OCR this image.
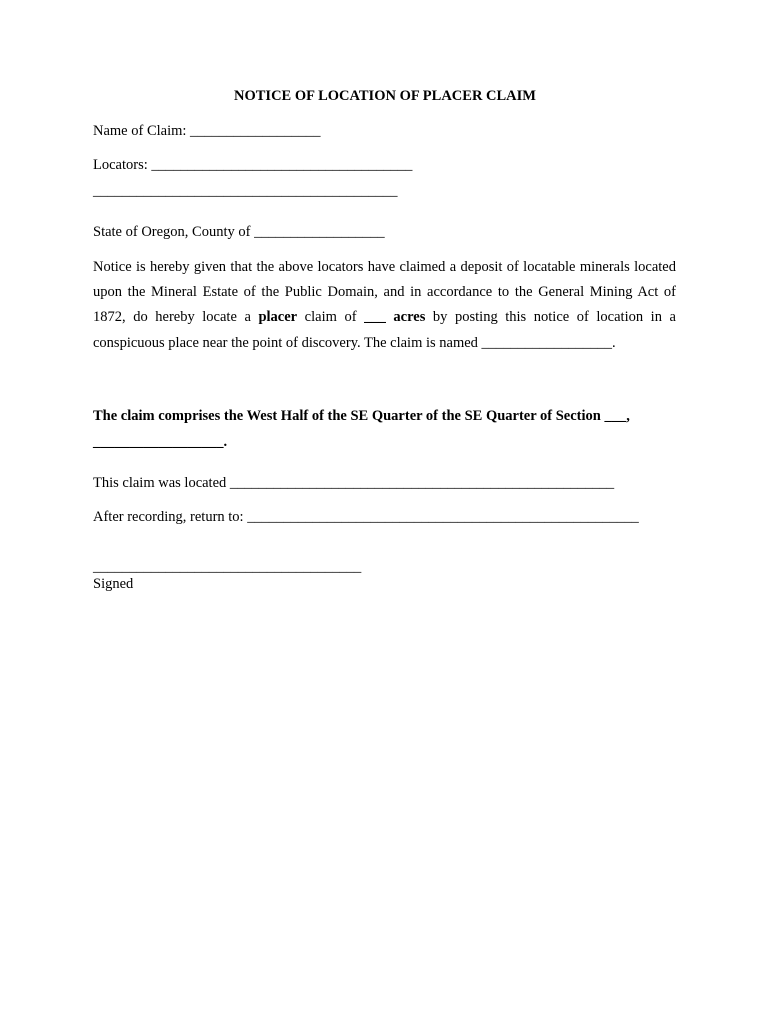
NOTICE OF LOCATION OF PLACER CLAIM
Name of Claim: __________________
Locators: ____________________________________
__________________________________________
State of Oregon, County of __________________
Notice is hereby given that the above locators have claimed a deposit of locatable minerals located upon the Mineral Estate of the Public Domain, and in accordance to the General Mining Act of 1872, do hereby locate a placer claim of ___ acres by posting this notice of location in a conspicuous place near the point of discovery. The claim is named __________________.
The claim comprises the West Half of the SE Quarter of the SE Quarter of Section ___,
__________________.
This claim was located _____________________________________________________
After recording, return to: ______________________________________________________
_____________________________________
Signed
